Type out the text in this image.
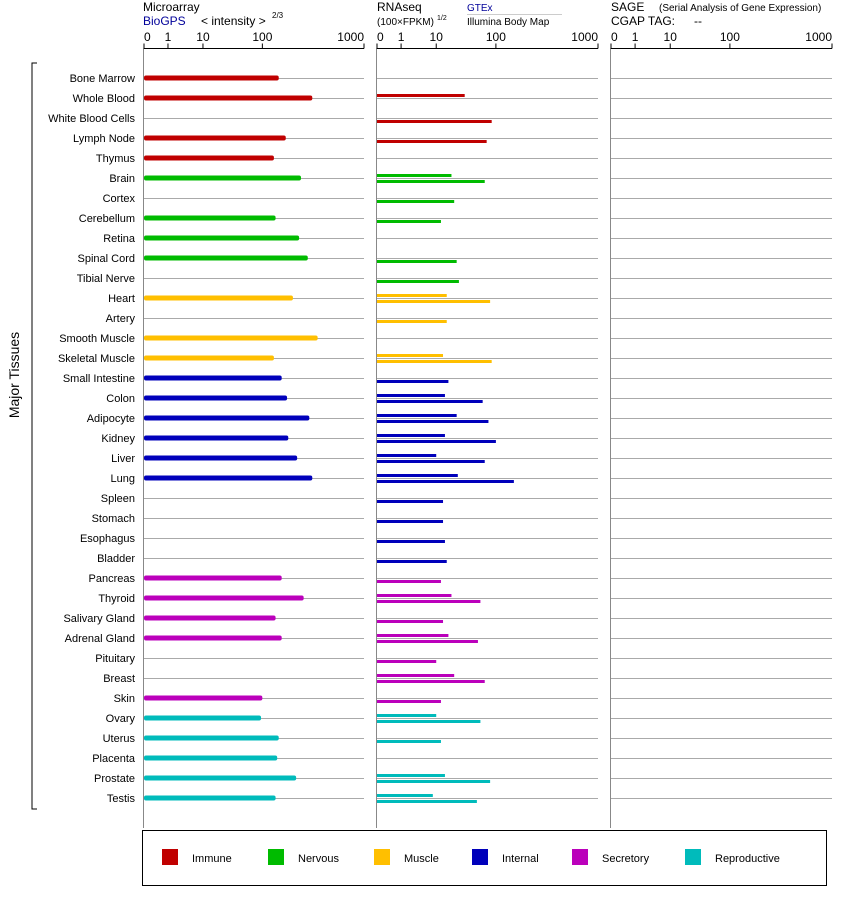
Microarray
BioGPS < intensity > 2/3
RNAseq
(100×FPKM) 1/2
GTEx
Illumina Body Map
SAGE (Serial Analysis of Gene Expression)
CGAP TAG: --
Major Tissues
0 1 10	100	1000 0 1 10	100	1000 0 1 10	100	1000
Bone Marrow
Whole Blood
White Blood Cells
Lymph Node
Thymus
Brain
Cortex
Cerebellum
Retina
Spinal Cord
Tibial Nerve
Heart
Artery
Smooth Muscle
Skeletal Muscle
Small Intestine
Colon
Adipocyte
Kidney
Liver
Lung
Spleen
Stomach
Esophagus
Bladder
Pancreas
Thyroid
Salivary Gland
Adrenal Gland
Pituitary
Breast
Skin
Ovary
Uterus
Placenta
Prostate
Testis
Immune	Nervous	Muscle	Internal	Secretory	Reproductive
